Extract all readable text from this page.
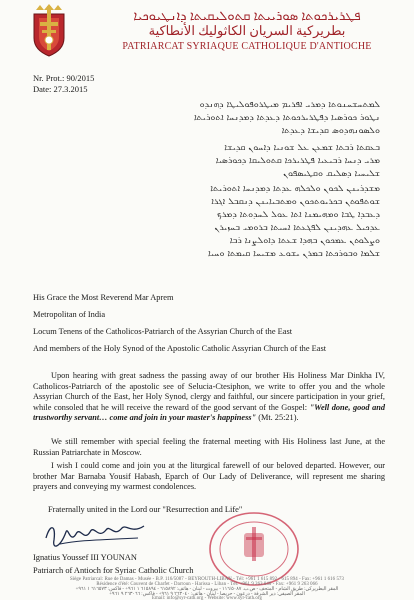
ܦܛܪܝܪܟܘܬܐ ܣܘܪܝܝܬܐ ܩܬܘܠܝܩܝܬܐ ܕܐܢܛܝܘܟܝܐ
بطريركية السريان الكاثوليك الأنطاكية
PATRIARCAT SYRIAQUE CATHOLIQUE D'ANTIOCHE
Nr. Prot.: 90/2015
Date: 27.3.2015
ܠܡܬܚܫܚܢܘܬܐ ܕܡܪܝ ܐܦܪܝܡ ܡܝܛܪܘܦܘܠܝܛܐ ܕܗܢܕܘ
ܢܛܘܪ ܟܘܪܣܝܐ ܕܦܛܪܝܪܟܘܬܐ ܕܥܕܬܐ ܕܡܕܢܚܐ ܐܬܘܪܝܬܐ
ܘܠܣܘܢܗܕܘܣ ܩܕܝܫܐ ܕܥܕܬܐ
ܒܥܩܬܐ ܪܒܬܐ ܫܡܥܢ ܥܠ ܫܘܢܝܐ ܕܐܚܘܢ ܩܕܝܫܐ
ܡܪܝ ܕܢܚܐ ܪܒܝܥܝܐ ܦܛܪܝܪܟܐ ܩܬܘܠܝܩܐ ܕܟܘܪܣܝܐ
ܫܠܝܚܝܐ ܕܣܠܝܩ ܘܩܛܝܣܦܘܢ
ܡܫܕܪܝܢܢ ܠܟܘܢ ܘܠܟܠܗ ܥܕܬܐ ܕܡܕܢܚܐ ܐܬܘܪܝܬܐ
ܫܘܬܦܘܬܢ ܒܟܪܝܘܬܟܘܢ ܘܡܬܒܝܐܝܢܢ ܕܢܩܒܠ ܐܓܪܐ
ܕܥܒܕܐ ܛܒܐ ܘܡܗܝܡܢܐ ܐܬܐ ܥܘܠ ܠܚܕܘܬܐ ܕܡܪܟ
ܥܕܟܝܠ ܥܗܕܝܢܢ ܠܦܓܥܬܐ ܐܚܝܬܐ ܒܪܘܡܝ ܒܚܙܝܪܢ
ܘܨܠܘܬܢ ܥܡܟܘܢ ܒܗܕܐ ܫܥܬܐ ܕܐܘܠܨܢܐ ܪܒܐ
ܫܠܡܐ ܘܒܘܪܟܬܐ ܒܡܪܢ ܝܫܘܥ ܡܫܝܚܐ ܩܝܡܬܐ ܘܚܝܐ
His Grace the Most Reverend Mar Aprem
Metropolitan of India
Locum Tenens of the Catholicos-Patriarch of the Assyrian Church of the East
And members of the Holy Synod of the Apostolic Catholic Assyrian Church of the East
Upon hearing with great sadness the passing away of our brother His Holiness Mar Dinkha IV, Catholicos-Patriarch of the apostolic see of Selucia-Ctesiphon, we write to offer you and the whole Assyrian Church of the East, her Holy Synod, clergy and faithful, our sincere participation in your grief, while consoled that he will receive the reward of the good servant of the Gospel: "Well done, good and trustworthy servant… come and join in your master's happiness" (Mt. 25:21).
We still remember with special feeling the fraternal meeting with His Holiness last June, at the Russian Patriarchate in Moscow.
I wish I could come and join you at the liturgical farewell of our beloved departed. However, our brother Mar Barnaba Yousif Habash, Eparch of Our Lady of Deliverance, will represent me sharing prayers and conveying my warmest condolences.
Fraternally united in the Lord our "Resurrection and Life"
Ignatius Youssef III YOUNAN
Patriarch of Antioch for Syriac Catholic Church
Siège Patriarcal: Rue de Damas - Musée - B.P. 116/5087 - BEYROUTH-LIBAN - Tél: +961 1 615 892 - 615 894 - Fax: +961 1 616 573
Résidence d'été: Couvent de Charfet - Darroun - Harissa - Liban - Tél: +961 9 263 040 - Fax: +961 9 263 066
المقر البطريركي: طريق الشام - المتحف - ص.ب. ١١٦/٥٠٨٧ - بيروت - لبنان - هاتف: ٦١٥٨٩٢ - ٦١٥٨٩٤ ١ ٩٦١+ - فاكس: ٦١٦٥٧٣ ١ ٩٦١+
المقر الصيفي: دير الشرفة - درعون - حريصا - لبنان - هاتف: ٢٦٣٠٤٠ ٩ ٩٦١+ - فاكس: ٢٦٣٠٦٦ ٩ ٩٦١+
Email: info@syr-cath.org - Website: www.syr-cath.org
